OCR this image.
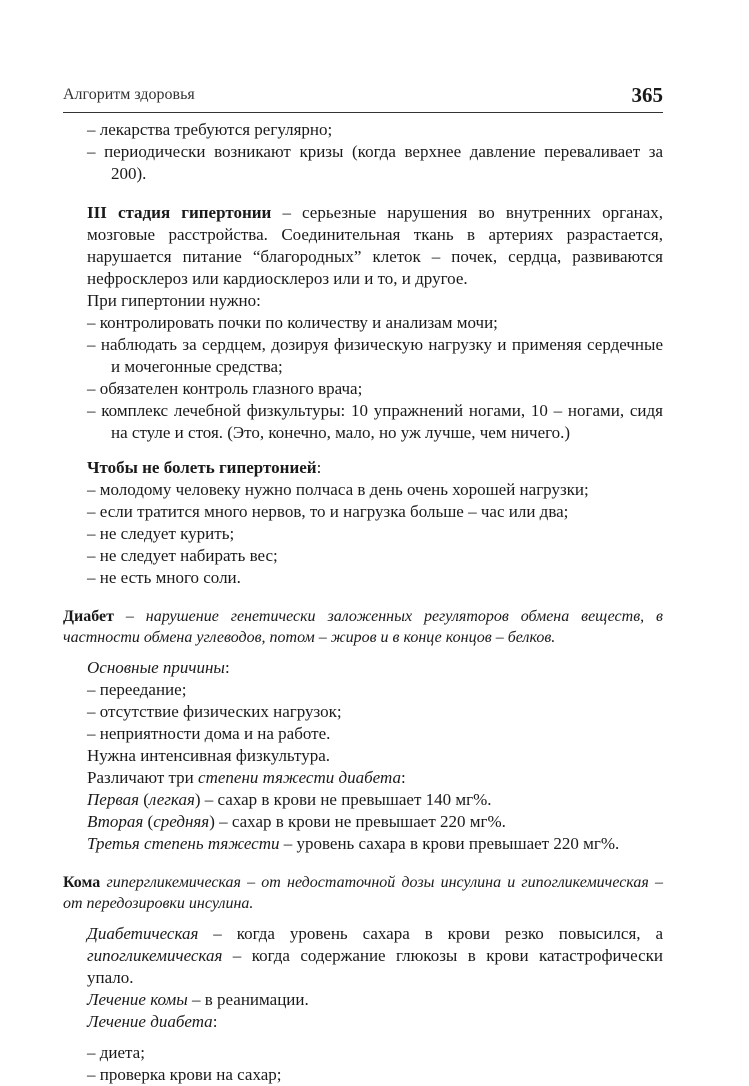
Алгоритм здоровья	365

– лекарства требуются регулярно;

– периодически возникают кризы (когда верхнее давление переваливает за 200).

III стадия гипертонии – серьезные нарушения во внутренних органах, мозговые расстройства. Соединительная ткань в артериях разрастается, нарушается питание “благородных” клеток – почек, сердца, развиваются нефросклероз или кардиосклероз или и то, и другое.

При гипертонии нужно:

– контролировать почки по количеству и анализам мочи;

– наблюдать за сердцем, дозируя физическую нагрузку и применяя сердечные и мочегонные средства;

– обязателен контроль глазного врача;

– комплекс лечебной физкультуры: 10 упражнений ногами, 10 – ногами, сидя на стуле и стоя. (Это, конечно, мало, но уж лучше, чем ничего.)

Чтобы не болеть гипертонией:

– молодому человеку нужно полчаса в день очень хорошей нагрузки;

– если тратится много нервов, то и нагрузка больше – час или два;

– не следует курить;

– не следует набирать вес;

– не есть много соли.

Диабет – нарушение генетически заложенных регуляторов обмена веществ, в частности обмена углеводов, потом – жиров и в конце концов – белков.

Основные причины:

– переедание;

– отсутствие физических нагрузок;

– неприятности дома и на работе.

Нужна интенсивная физкультура.

Различают три степени тяжести диабета:

Первая (легкая) – сахар в крови не превышает 140 мг%.

Вторая (средняя) – сахар в крови не превышает 220 мг%.

Третья степень тяжести – уровень сахара в крови превышает 220 мг%.

Кома гипергликемическая – от недостаточной дозы инсулина и гипогликемическая – от передозировки инсулина.

Диабетическая – когда уровень сахара в крови резко повысился, а гипогликемическая – когда содержание глюкозы в крови катастрофически упало.

Лечение комы – в реанимации.

Лечение диабета:

– диета;

– проверка крови на сахар;
